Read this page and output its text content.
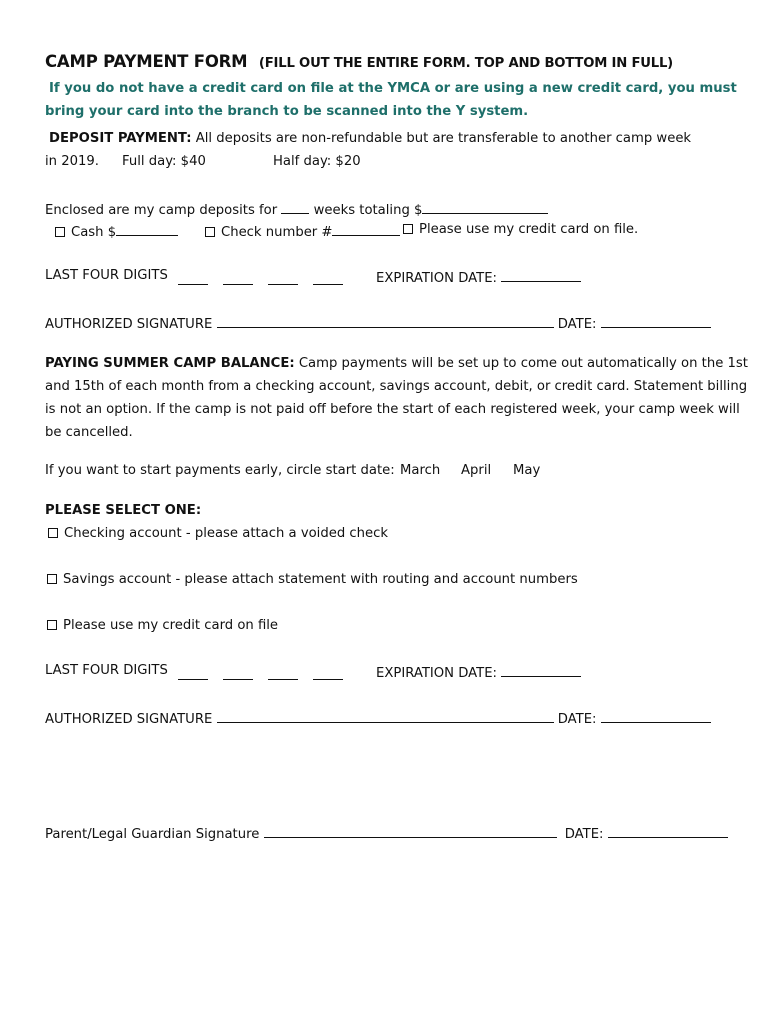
CAMP PAYMENT FORM (FILL OUT THE ENTIRE FORM. TOP AND BOTTOM IN FULL)
If you do not have a credit card on file at the YMCA or are using a new credit card, you must
bring your card into the branch to be scanned into the Y system.
DEPOSIT PAYMENT: All deposits are non-refundable but are transferable to another camp week
in 2019. Full day: $40	Half day: $20
Enclosed are my camp deposits for	weeks totaling $
Cash $	Check number #	Please use my credit card on file.
LAST FOUR DIGITS
	EXPIRATION DATE:
AUTHORIZED SIGNATURE	DATE:
PAYING SUMMER CAMP BALANCE: Camp payments will be set up to come out automatically on the 1st
and 15th of each month from a checking account, savings account, debit, or credit card. Statement billing
is not an option. If the camp is not paid off before the start of each registered week, your camp week will
be cancelled.
If you want to start payments early, circle start date: March April May
PLEASE SELECT ONE:
Checking account - please attach a voided check
Savings account - please attach statement with routing and account numbers
Please use my credit card on file
LAST FOUR DIGITS
	EXPIRATION DATE:
AUTHORIZED SIGNATURE	DATE:
Parent/Legal Guardian Signature	DATE:
